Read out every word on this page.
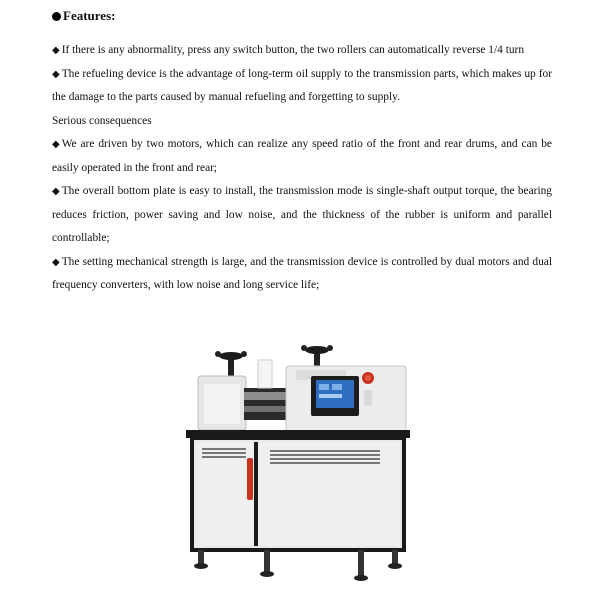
Features:

◆ If there is any abnormality, press any switch button, the two rollers can automatically reverse 1/4 turn

◆ The refueling device is the advantage of long-term oil supply to the transmission parts, which makes up for the damage to the parts caused by manual refueling and forgetting to supply.

Serious consequences

◆ We are driven by two motors, which can realize any speed ratio of the front and rear drums, and can be easily operated in the front and rear;

◆ The overall bottom plate is easy to install, the transmission mode is single-shaft output torque, the bearing reduces friction, power saving and low noise, and the thickness of the rubber is uniform and parallel controllable;

◆ The setting mechanical strength is large, and the transmission device is controlled by dual motors and dual frequency converters, with low noise and long service life;
